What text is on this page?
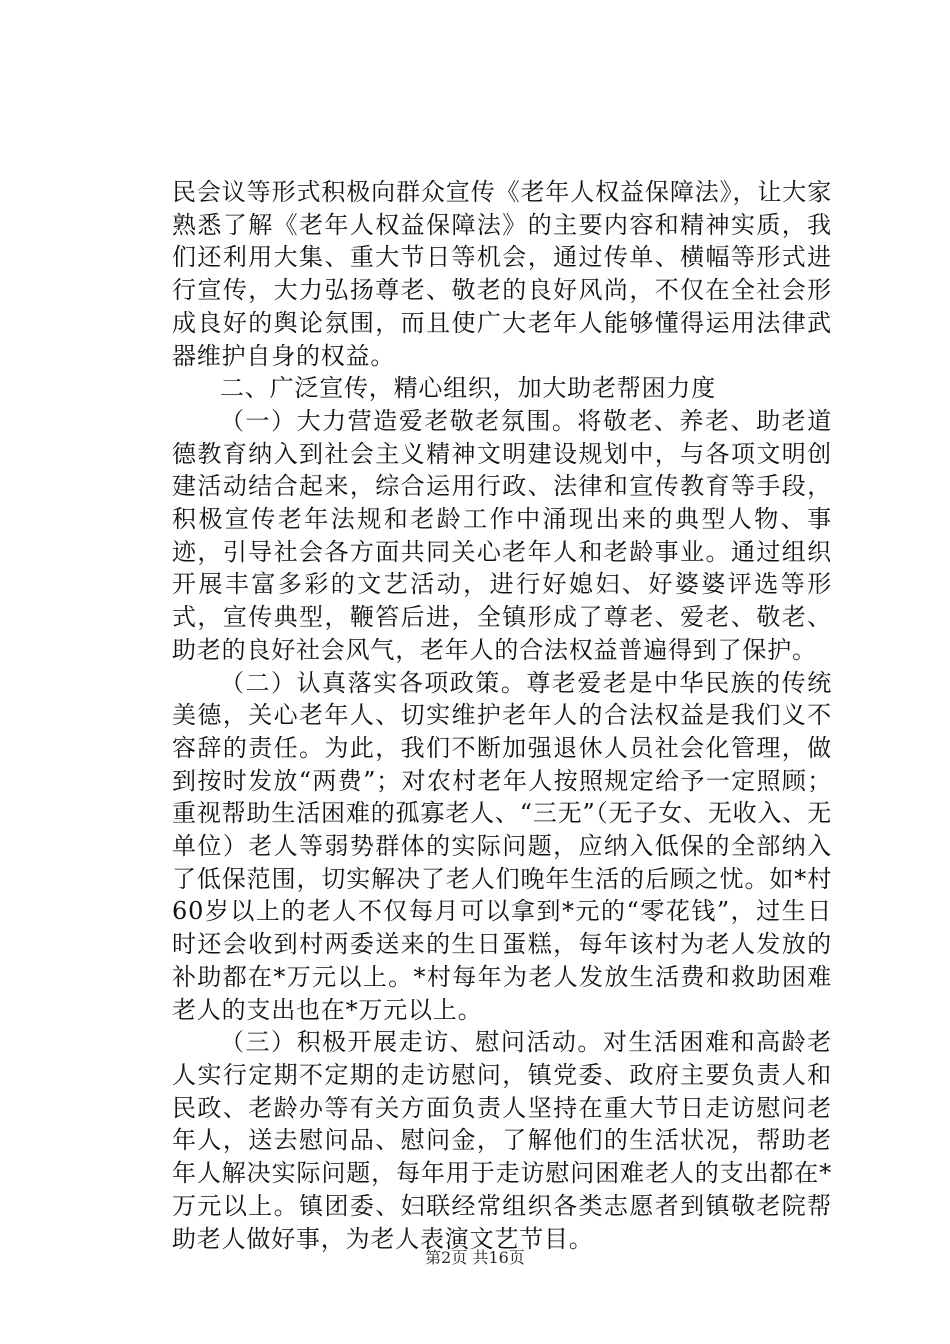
民会议等形式积极向群众宣传《老年人权益保障法》，让大家熟悉了解《老年人权益保障法》的主要内容和精神实质，我们还利用大集、重大节日等机会，通过传单、横幅等形式进行宣传，大力弘扬尊老、敬老的良好风尚，不仅在全社会形成良好的舆论氛围，而且使广大老年人能够懂得运用法律武器维护自身的权益。

二、广泛宣传，精心组织，加大助老帮困力度

（一）大力营造爱老敬老氛围。将敬老、养老、助老道德教育纳入到社会主义精神文明建设规划中，与各项文明创建活动结合起来，综合运用行政、法律和宣传教育等手段，积极宣传老年法规和老龄工作中涌现出来的典型人物、事迹，引导社会各方面共同关心老年人和老龄事业。通过组织开展丰富多彩的文艺活动，进行好媳妇、好婆婆评选等形式，宣传典型，鞭笞后进，全镇形成了尊老、爱老、敬老、助老的良好社会风气，老年人的合法权益普遍得到了保护。

（二）认真落实各项政策。尊老爱老是中华民族的传统美德，关心老年人、切实维护老年人的合法权益是我们义不容辞的责任。为此，我们不断加强退休人员社会化管理，做到按时发放“两费”；对农村老年人按照规定给予一定照顾；重视帮助生活困难的孤寡老人、“三无”（无子女、无收入、无单位）老人等弱势群体的实际问题，应纳入低保的全部纳入了低保范围，切实解决了老人们晚年生活的后顾之忧。如*村60岁以上的老人不仅每月可以拿到*元的“零花钱”，过生日时还会收到村两委送来的生日蛋糕，每年该村为老人发放的补助都在*万元以上。*村每年为老人发放生活费和救助困难老人的支出也在*万元以上。

（三）积极开展走访、慰问活动。对生活困难和高龄老人实行定期不定期的走访慰问，镇党委、政府主要负责人和民政、老龄办等有关方面负责人坚持在重大节日走访慰问老年人，送去慰问品、慰问金，了解他们的生活状况，帮助老年人解决实际问题，每年用于走访慰问困难老人的支出都在*万元以上。镇团委、妇联经常组织各类志愿者到镇敬老院帮助老人做好事，为老人表演文艺节目。

第2页 共16页
